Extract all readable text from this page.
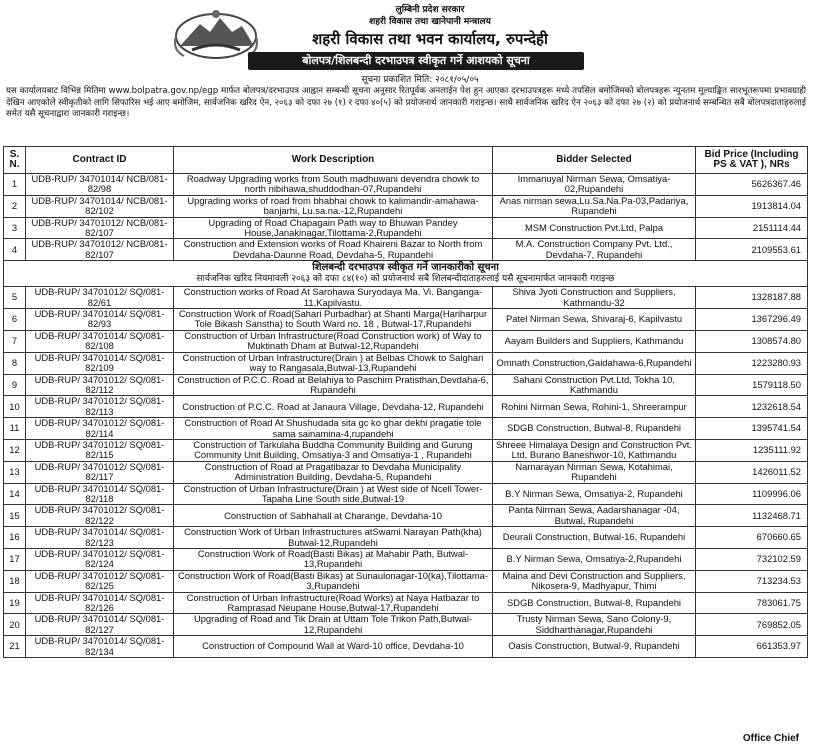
लुम्बिनी प्रदेश सरकार
शहरी विकास तथा खानेपानी मन्त्रालय
शहरी विकास तथा भवन कार्यालय, रुपन्देही
बोलपत्र/शिलबन्दी दरभाउपत्र स्वीकृत गर्ने आशयको सूचना
सूचना प्रकाशित मिति: २०८१/०५/०५
यस कार्यालयबाट विभिन्न मितिमा www.bolpatra.gov.np/egp मार्फत बोलपत्र/दरभाउपत्र आह्वान सम्बन्धी सूचना अनुसार रितपूर्वक अनलाईन पेश हुन आएका दरभाउपत्रहरू मध्ये तपसिल बमोजिमको बोलपत्रहरू न्यूनतम मूल्याङ्कित सारभूतरूपमा प्रभावग्राही देखिन आएकोले स्वीकृतीको लागि सिफारिस भई आए बमोजिम, सार्वजनिक खरिद ऐन, २०६३ को दफा २७ (१) र दफा ४०(५) को प्रयोजनार्थ जानकारी गराइन्छ। साथै सार्वजनिक खरिद ऐन २०६३ को दफा २७ (२) को प्रयोजनार्थ सम्बन्धित सबै बोलपत्रदाताहरुलाई समेत यसै सूचनाद्वारा जानकारी गराइन्छ।
S. N.	Contract ID	Work Description	Bidder Selected	Bid Price (Including PS & VAT ), NRs
1	UDB-RUP/ 34701014/ NCB/081-82/98	Roadway Upgrading works from South madhuwani devendra chowk to north nibihawa,shuddodhan-07,Rupandehi	Immanuyal Nirman Sewa, Omsatiya-02,Rupandehi	5626367.46
2	UDB-RUP/ 34701014/ NCB/081-82/102	Upgrading works of road from bhabhai chowk to kalimandir-amahawa-banjarhi, Lu.sa.na.-12,Rupandehi	Anas nirman sewa,Lu.Sa.Na.Pa-03,Padariya, Rupandehi	1913814.04
3	UDB-RUP/ 34701012/ NCB/081-82/107	Upgrading of Road Chapagain Path way to Bhuwan Pandey House,Janakinagar,Tilottama-2,Rupandehi	MSM Construction Pvt.Ltd, Palpa	2151114.44
4	UDB-RUP/ 34701012/ NCB/081-82/107	Construction and Extension works of Road Khaireni Bazar to North from Devdaha-Daunne Road, Devdaha-5, Rupandehi	M.A. Construction Company Pvt. Ltd., Devdaha-7, Rupandehi	2109553.61

शिलबन्दी दरभाउपत्र स्वीकृत गर्ने जानकारीको सूचना
सार्वजनिक खरिद नियमावली २०६३ को दफा ८४(१०) को प्रयोजनार्थ सबै शिलबन्दीदाताहरुलाई यसै सूचनामार्फत जानकारी गराइन्छ				

5	UDB-RUP/ 34701012/ SQ/081-82/61	Construction works of Road At Sarohawa Suryodaya Ma. Vi. Banganga-11,Kapilvastu.	Shiva Jyoti Construction and Suppliers, Kathmandu-32	1328187.88
6	UDB-RUP/ 34701014/ SQ/081-82/93	Construction Work of Road(Sahari Purbadhar) at Shanti Marga(Hariharpur Tole Bikash Sanstha) to South Ward no. 18 , Butwal-17,Rupandehi	Patel Nirman Sewa, Shivaraj-6, Kapilvastu	1367296.49
7	UDB-RUP/ 34701014/ SQ/081-82/108	Construction of Urban Infrastructure(Road Construction work) of Way to Muktinath Dham at Butwal-12,Rupandehi	Aayam Builders and Suppliers, Kathmandu	1308574.80
8	UDB-RUP/ 34701014/ SQ/081-82/109	Construction of Urban Infrastructure(Drain ) at Belbas Chowk to Salghari way to Rangasala,Butwal-13,Rupandehi	Omnath Construction,Gaidahawa-6,Rupandehi	1223280.93
9	UDB-RUP/ 34701012/ SQ/081-82/112	Construction of P.C.C. Road at Belahiya to Paschim Pratisthan,Devdaha-6, Rupandehi	Sahani Construction Pvt.Ltd, Tokha 10, Kathmandu	1579118.50
10	UDB-RUP/ 34701012/ SQ/081-82/113	Construction of P.C.C. Road at Janaura Village, Devdaha-12, Rupandehi	Rohini Nirman Sewa, Rohini-1, Shreerampur	1232618.54
11	UDB-RUP/ 34701012/ SQ/081-82/114	Construction of Road At Shushudada sita gc ko ghar dekhi pragatie tole sama sainamina-4,rupandehi	SDGB Construction, Butwal-8, Rupandehi	1395741.54
12	UDB-RUP/ 34701012/ SQ/081-82/115	Construction of Tarkulaha Buddha Community Building and Gurung Community Unit Building, Omsatiya-3 and Omsatiya-1 , Rupandehi	Shreee Himalaya Design and Construction Pvt. Ltd, Burano Baneshwor-10, Kathmandu	1235111.92
13	UDB-RUP/ 34701012/ SQ/081-82/117	Construction of Road at Pragatibazar to Devdaha Municipality Administration Building, Devdaha-5, Rupandehi	Narnarayan Nirman Sewa, Kotahimai, Rupandehi	1426011.52
14	UDB-RUP/ 34701014/ SQ/081-82/118	Construction of Urban Infrastructure(Drain ) at West side of Ncell Tower-Tapaha Line South side,Butwal-19	B.Y Nirman Sewa, Omsatiya-2, Rupandehi	1109996.06
15	UDB-RUP/ 34701012/ SQ/081-82/122	Construction of Sabhahall at Charange, Devdaha-10	Panta Nirman Sewa, Aadarshanagar -04, Butwal, Rupandehi	1132468.71
16	UDB-RUP/ 34701014/ SQ/081-82/123	Construction Work of Urban Infrastructures atSwami Narayan Path(kha) Butwal-12,Rupandehi	Deurali Construction, Butwal-16, Rupandehi	670660.65
17	UDB-RUP/ 34701012/ SQ/081-82/124	Construction Work of Road(Basti Bikas) at Mahabir Path, Butwal-13,Rupandehi	B.Y Nirman Sewa, Omsatiya-2,Rupandehi	732102.59
18	UDB-RUP/ 34701012/ SQ/081-82/125	Construction Work of Road(Basti Bikas) at Sunaulonagar-10(ka),Tilottama-3,Rupandehi	Maina and Devi Construction and Suppliers, Nikosera-9, Madhyapur, Thimi	713234.53
19	UDB-RUP/ 34701014/ SQ/081-82/126	Construction of Urban Infrastructure(Road Works) at Naya Hatbazar to Ramprasad Neupane House,Butwal-17,Rupandehi	SDGB Construction, Butwal-8, Rupandehi	783061.75
20	UDB-RUP/ 34701014/ SQ/081-82/127	Upgrading of Road and Tik Drain at Uttam Tole Trikon Path,Butwal-12,Rupandehi	Trusty Nirman Sewa, Sano Colony-9, Siddharthanagar,Rupandehi	769852.05
21	UDB-RUP/ 34701014/ SQ/081-82/134	Construction of Compound Wall at Ward-10 office, Devdaha-10	Oasis Construction, Butwal-9, Rupandehi	661353.97
Office Chief
